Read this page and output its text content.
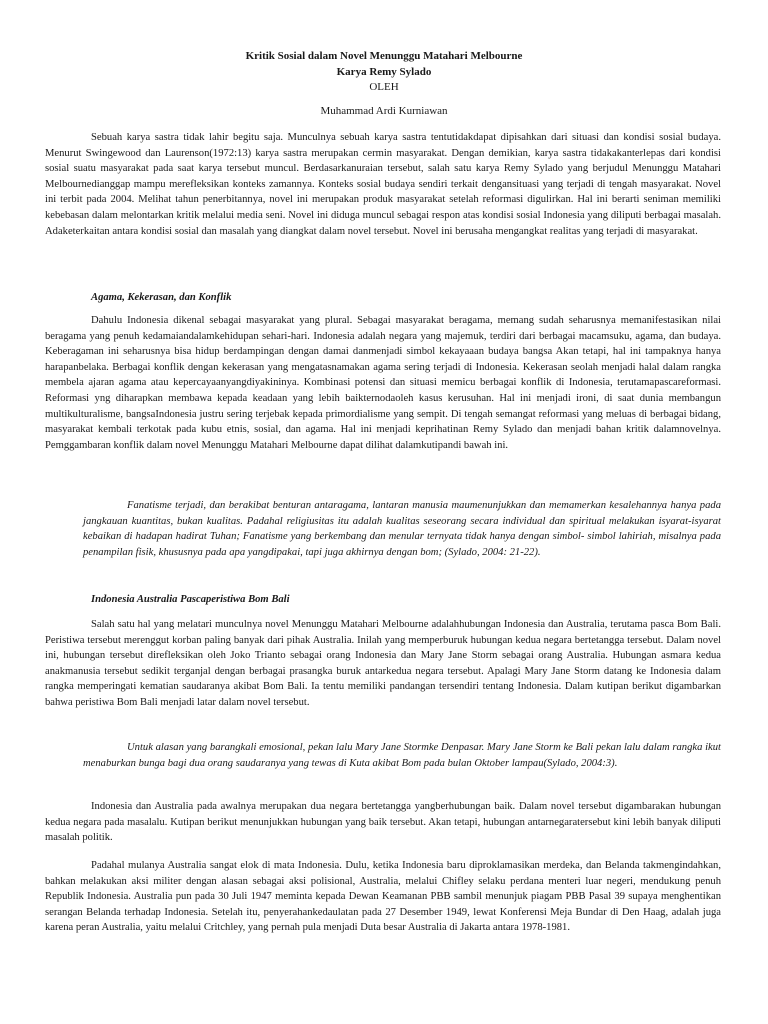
Kritik Sosial dalam Novel Menunggu Matahari Melbourne
Karya Remy Sylado
OLEH
Muhammad Ardi Kurniawan

Sebuah karya sastra tidak lahir begitu saja. Munculnya sebuah karya sastra tentutidakdapat dipisahkan dari situasi dan kondisi sosial budaya. Menurut Swingewood dan Laurenson(1972:13) karya sastra merupakan cermin masyarakat. Dengan demikian, karya sastra tidakakanterlepas dari kondisi sosial suatu masyarakat pada saat karya tersebut muncul. Berdasarkanuraian tersebut, salah satu karya Remy Sylado yang berjudul Menunggu Matahari Melbournedianggap mampu merefleksikan konteks zamannya. Konteks sosial budaya sendiri terkait dengansituasi yang terjadi di tengah masyarakat. Novel ini terbit pada 2004. Melihat tahun penerbitannya, novel ini merupakan produk masyarakat setelah reformasi digulirkan. Hal ini berarti seniman memiliki kebebasan dalam melontarkan kritik melalui media seni. Novel ini diduga muncul sebagai respon atas kondisi sosial Indonesia yang diliputi berbagai masalah. Adaketerkaitan antara kondisi sosial dan masalah yang diangkat dalam novel tersebut. Novel ini berusaha mengangkat realitas yang terjadi di masyarakat.

Agama, Kekerasan, dan Konflik

Dahulu Indonesia dikenal sebagai masyarakat yang plural. Sebagai masyarakat beragama, memang sudah seharusnya memanifestasikan nilai beragama yang penuh kedamaiandalamkehidupan sehari-hari. Indonesia adalah negara yang majemuk, terdiri dari berbagai macamsuku, agama, dan budaya. Keberagaman ini seharusnya bisa hidup berdampingan dengan damai danmenjadi simbol kekayaaan budaya bangsa Akan tetapi, hal ini tampaknya hanya harapanbelaka. Berbagai konflik dengan kekerasan yang mengatasnamakan agama sering terjadi di Indonesia. Kekerasan seolah menjadi halal dalam rangka membela ajaran agama atau kepercayaanyangdiyakininya. Kombinasi potensi dan situasi memicu berbagai konflik di Indonesia, terutamapascareformasi. Reformasi yng diharapkan membawa kepada keadaan yang lebih baikternodaoleh kasus kerusuhan. Hal ini menjadi ironi, di saat dunia membangun multikulturalisme, bangsaIndonesia justru sering terjebak kepada primordialisme yang sempit. Di tengah semangat reformasi yang meluas di berbagai bidang, masyarakat kembali terkotak pada kubu etnis, sosial, dan agama. Hal ini menjadi keprihatinan Remy Sylado dan menjadi bahan kritik dalamnovelnya. Pemggambaran konflik dalam novel Menunggu Matahari Melbourne dapat dilihat dalamkutipandi bawah ini.

Fanatisme terjadi, dan berakibat benturan antaragama, lantaran manusia maumenunjukkan dan memamerkan kesalehannya hanya pada jangkauan kuantitas, bukan kualitas. Padahal religiusitas itu adalah kualitas seseorang secara individual dan spiritual melakukan isyarat-isyarat kebaikan di hadapan hadirat Tuhan; Fanatisme yang berkembang dan menular ternyata tidak hanya dengan simbol- simbol lahiriah, misalnya pada penampilan fisik, khususnya pada apa yangdipakai, tapi juga akhirnya dengan bom; (Sylado, 2004: 21-22).

Indonesia Australia Pascaperistiwa Bom Bali

Salah satu hal yang melatari munculnya novel Menunggu Matahari Melbourne adalahhubungan Indonesia dan Australia, terutama pasca Bom Bali. Peristiwa tersebut merenggut korban paling banyak dari pihak Australia. Inilah yang memperburuk hubungan kedua negara bertetangga tersebut. Dalam novel ini, hubungan tersebut direfleksikan oleh Joko Trianto sebagai orang Indonesia dan Mary Jane Storm sebagai orang Australia. Hubungan asmara kedua anakmanusia tersebut sedikit terganjal dengan berbagai prasangka buruk antarkedua negara tersebut. Apalagi Mary Jane Storm datang ke Indonesia dalam rangka memperingati kematian saudaranya akibat Bom Bali. Ia tentu memiliki pandangan tersendiri tentang Indonesia. Dalam kutipan berikut digambarkan bahwa peristiwa Bom Bali menjadi latar dalam novel tersebut.

Untuk alasan yang barangkali emosional, pekan lalu Mary Jane Stormke Denpasar. Mary Jane Storm ke Bali pekan lalu dalam rangka ikut menaburkan bunga bagi dua orang saudaranya yang tewas di Kuta akibat Bom pada bulan Oktober lampau(Sylado, 2004:3).

Indonesia dan Australia pada awalnya merupakan dua negara bertetangga yangberhubungan baik. Dalam novel tersebut digambarakan hubungan kedua negara pada masalalu. Kutipan berikut menunjukkan hubungan yang baik tersebut. Akan tetapi, hubungan antarnegaratersebut kini lebih banyak diliputi masalah politik.

Padahal mulanya Australia sangat elok di mata Indonesia. Dulu, ketika Indonesia baru diproklamasikan merdeka, dan Belanda takmengindahkan, bahkan melakukan aksi militer dengan alasan sebagai aksi polisional, Australia, melalui Chifley selaku perdana menteri luar negeri, mendukung penuh Republik Indonesia. Australia pun pada 30 Juli 1947 meminta kepada Dewan Keamanan PBB sambil menunjuk piagam PBB Pasal 39 supaya menghentikan serangan Belanda terhadap Indonesia. Setelah itu, penyerahankedaulatan pada 27 Desember 1949, lewat Konferensi Meja Bundar di Den Haag, adalah juga karena peran Australia, yaitu melalui Critchley, yang pernah pula menjadi Duta besar Australia di Jakarta antara 1978-1981.
